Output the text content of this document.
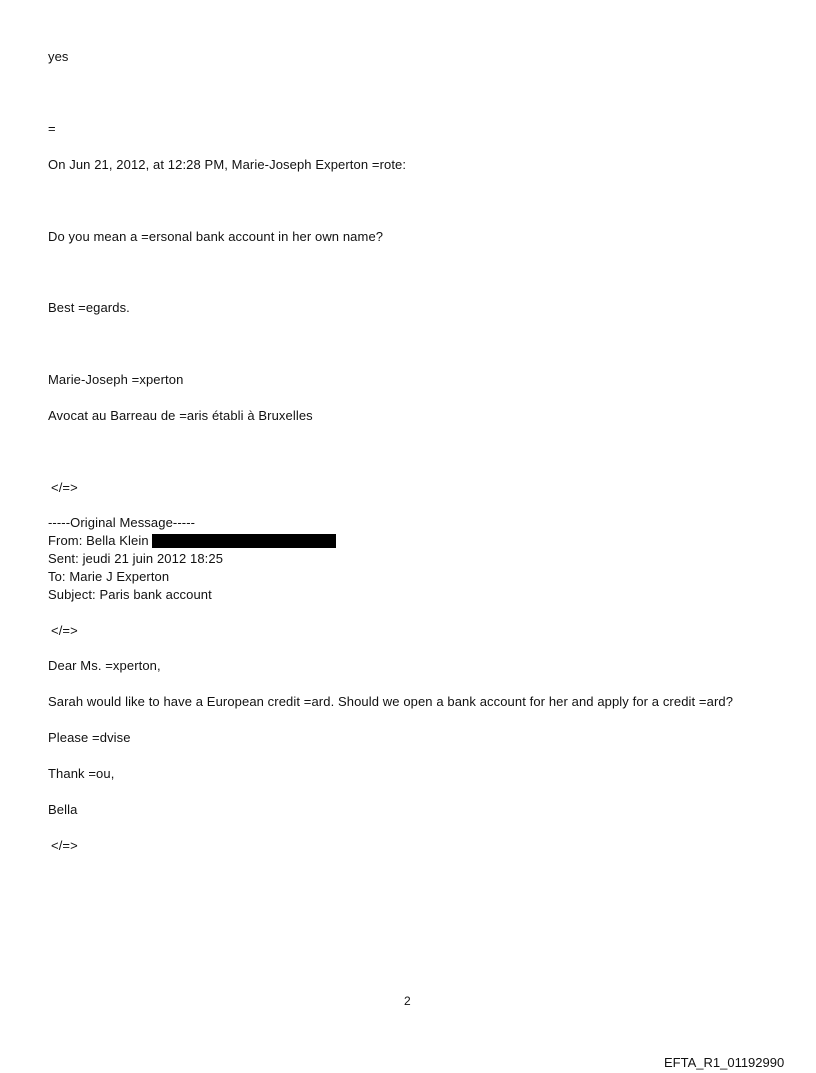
yes
=
On Jun 21, 2012, at 12:28 PM, Marie-Joseph Experton =rote:
Do you mean a =ersonal bank account in her own name?
Best =egards.
Marie-Joseph =xperton
Avocat au Barreau de =aris établi à Bruxelles
</=>
-----Original Message-----
From: Bella Klein
Sent: jeudi 21 juin 2012 18:25
To: Marie J Experton
Subject: Paris bank account
</=>
Dear Ms. =xperton,
Sarah would like to have a European credit =ard. Should we open a bank account for her and apply for a credit =ard?
Please =dvise
Thank =ou,
Bella
</=>
2
EFTA_R1_01192990
